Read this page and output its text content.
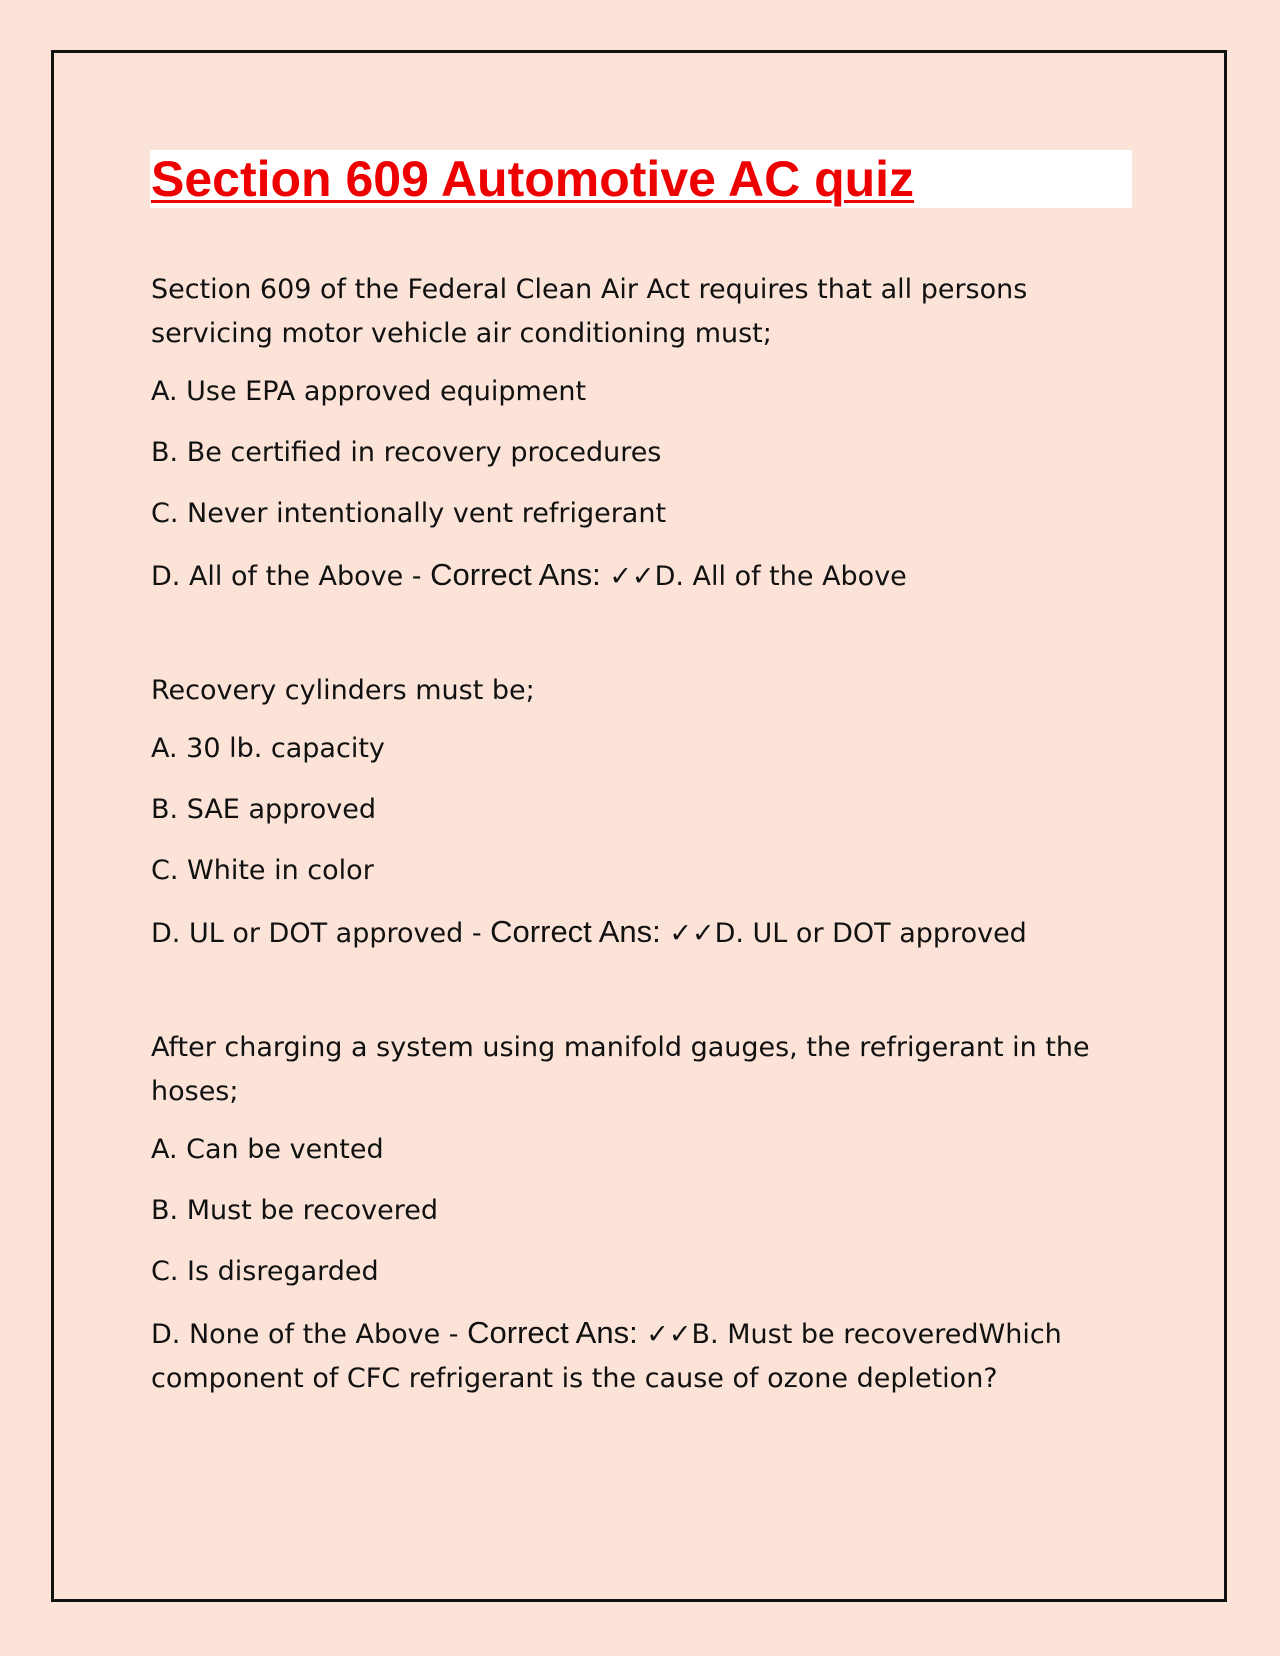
Section 609 Automotive AC quiz

Section 609 of the Federal Clean Air Act requires that all persons servicing motor vehicle air conditioning must;

A. Use EPA approved equipment

B. Be certified in recovery procedures

C. Never intentionally vent refrigerant

D. All of the Above - Correct Ans: ✓✓D. All of the Above

Recovery cylinders must be;

A. 30 lb. capacity

B. SAE approved

C. White in color

D. UL or DOT approved - Correct Ans: ✓✓D. UL or DOT approved

After charging a system using manifold gauges, the refrigerant in the hoses;

A. Can be vented

B. Must be recovered

C. Is disregarded

D. None of the Above - Correct Ans: ✓✓B. Must be recoveredWhich component of CFC refrigerant is the cause of ozone depletion?
